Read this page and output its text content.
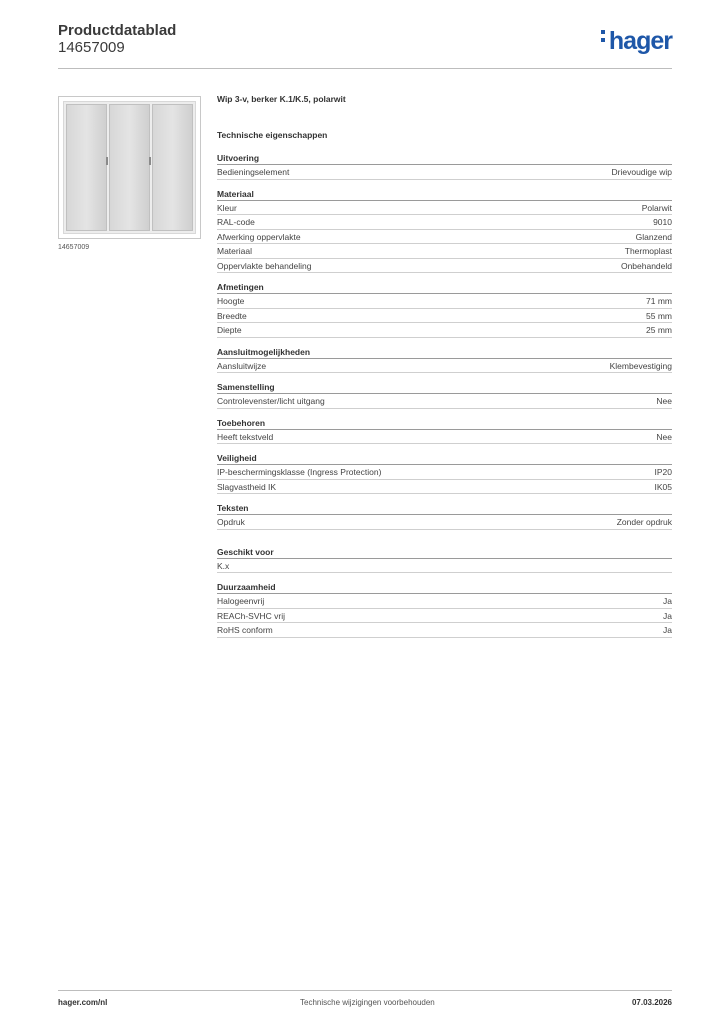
Productdatablad
14657009	hager
14657009
Wip 3-v, berker K.1/K.5, polarwit
Technische eigenschappen
Uitvoering
Bedieningselement	Drievoudige wip
Materiaal
Kleur	Polarwit
RAL-code	9010
Afwerking oppervlakte	Glanzend
Materiaal	Thermoplast
Oppervlakte behandeling	Onbehandeld
Afmetingen
Hoogte	71 mm
Breedte	55 mm
Diepte	25 mm
Aansluitmogelijkheden
Aansluitwijze	Klembevestiging
Samenstelling
Controlevenster/licht uitgang	Nee
Toebehoren
Heeft tekstveld	Nee
Veiligheid
IP-beschermingsklasse (Ingress Protection)	IP20
Slagvastheid IK	IK05
Teksten
Opdruk	Zonder opdruk
Geschikt voor
K.x
Duurzaamheid
Halogeenvrij	Ja
REACh-SVHC vrij	Ja
RoHS conform	Ja
hager.com/nl	Technische wijzigingen voorbehouden	07.03.2026
